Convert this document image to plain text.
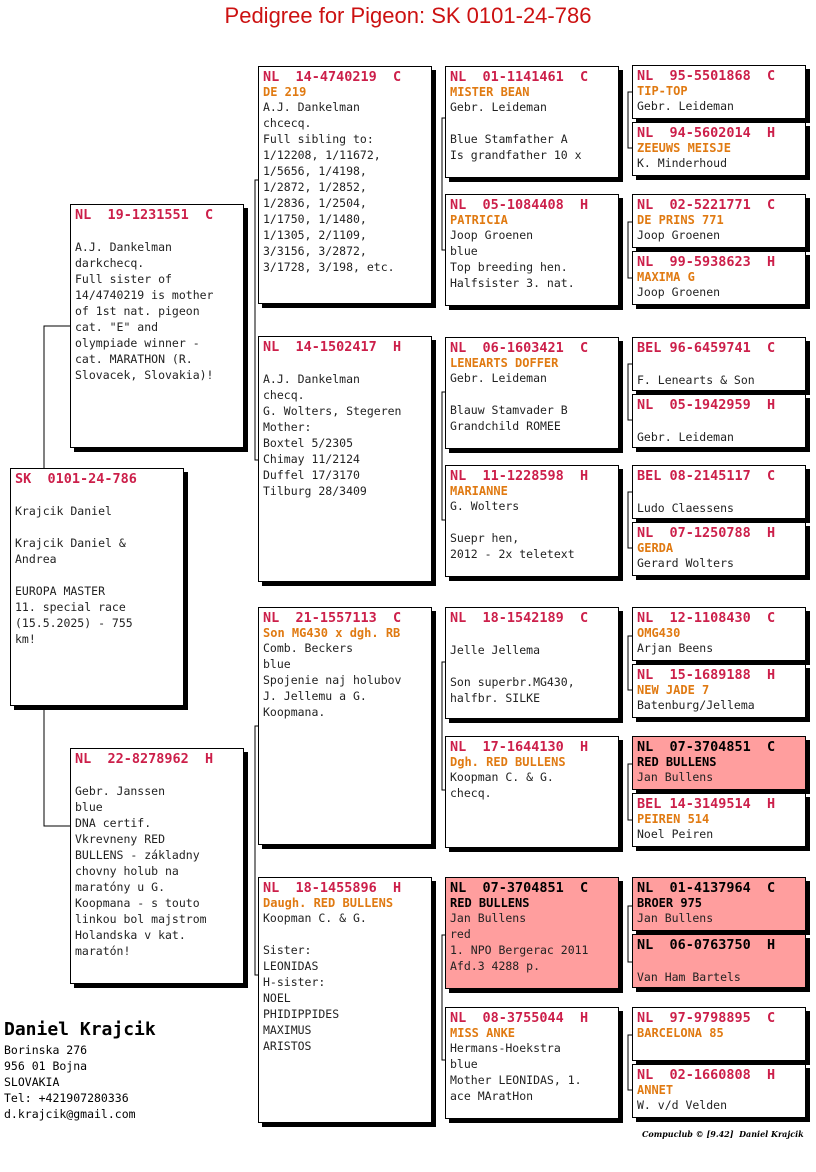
Pedigree for Pigeon: SK 0101-24-786
SK  0101-24-786
Krajcik Daniel
Krajcik Daniel &
Andrea
EUROPA MASTER
11. special race
(15.5.2025) - 755
km!
NL  19-1231551  C
A.J. Dankelman
darkchecq.
Full sister of
14/4740219 is mother
of 1st nat. pigeon
cat. "E" and
olympiade winner -
cat. MARATHON (R.
Slovacek, Slovakia)!
NL  22-8278962  H
Gebr. Janssen
blue
DNA certif.
Vkrevneny RED
BULLENS - základny
chovny holub na
maratóny u G.
Koopmana - s touto
linkou bol majstrom
Holandska v kat.
maratón!
NL  14-4740219  C
DE 219
A.J. Dankelman
chcecq.
Full sibling to:
1/12208, 1/11672,
1/5656, 1/4198,
1/2872, 1/2852,
1/2836, 1/2504,
1/1750, 1/1480,
1/1305, 2/1109,
3/3156, 3/2872,
3/1728, 3/198, etc.
NL  14-1502417  H
A.J. Dankelman
checq.
G. Wolters, Stegeren
Mother:
Boxtel 5/2305
Chimay 11/2124
Duffel 17/3170
Tilburg 28/3409
NL  21-1557113  C
Son MG430 x dgh. RB
Comb. Beckers
blue
Spojenie naj holubov
J. Jellemu a G.
Koopmana.
NL  18-1455896  H
Daugh. RED BULLENS
Koopman C. & G.
Sister:
LEONIDAS
H-sister:
NOEL
PHIDIPPIDES
MAXIMUS
ARISTOS
NL  01-1141461  C
MISTER BEAN
Gebr. Leideman
Blue Stamfather A
Is grandfather 10 x
NL  05-1084408  H
PATRICIA
Joop Groenen
blue
Top breeding hen.
Halfsister 3. nat.
NL  06-1603421  C
LENEARTS DOFFER
Gebr. Leideman
Blauw Stamvader B
Grandchild ROMEE
NL  11-1228598  H
MARIANNE
G. Wolters
Suepr hen,
2012 - 2x teletext
NL  18-1542189  C
Jelle Jellema
Son superbr.MG430,
halfbr. SILKE
NL  17-1644130  H
Dgh. RED BULLENS
Koopman C. & G.
checq.
NL  07-3704851  C
RED BULLENS
Jan Bullens
red
1. NPO Bergerac 2011
Afd.3 4288 p.
NL  08-3755044  H
MISS ANKE
Hermans-Hoekstra
blue
Mother LEONIDAS, 1.
ace MAratHon
NL  95-5501868  C
TIP-TOP
Gebr. Leideman
NL  94-5602014  H
ZEEUWS MEISJE
K. Minderhoud
NL  02-5221771  C
DE PRINS 771
Joop Groenen
NL  99-5938623  H
MAXIMA G
Joop Groenen
BEL 96-6459741  C
F. Lenearts & Son
NL  05-1942959  H
Gebr. Leideman
BEL 08-2145117  C
Ludo Claessens
NL  07-1250788  H
GERDA
Gerard Wolters
NL  12-1108430  C
OMG430
Arjan Beens
NL  15-1689188  H
NEW JADE 7
Batenburg/Jellema
NL  07-3704851  C
RED BULLENS
Jan Bullens
BEL 14-3149514  H
PEIREN 514
Noel Peiren
NL  01-4137964  C
BROER 975
Jan Bullens
NL  06-0763750  H
Van Ham Bartels
NL  97-9798895  C
BARCELONA 85
NL  02-1660808  H
ANNET
W. v/d Velden
Daniel Krajcik
Borinska 276
956 01 Bojna
SLOVAKIA
Tel: +421907280336
d.krajcik@gmail.com
Compuclub © [9.42]  Daniel Krajcik
